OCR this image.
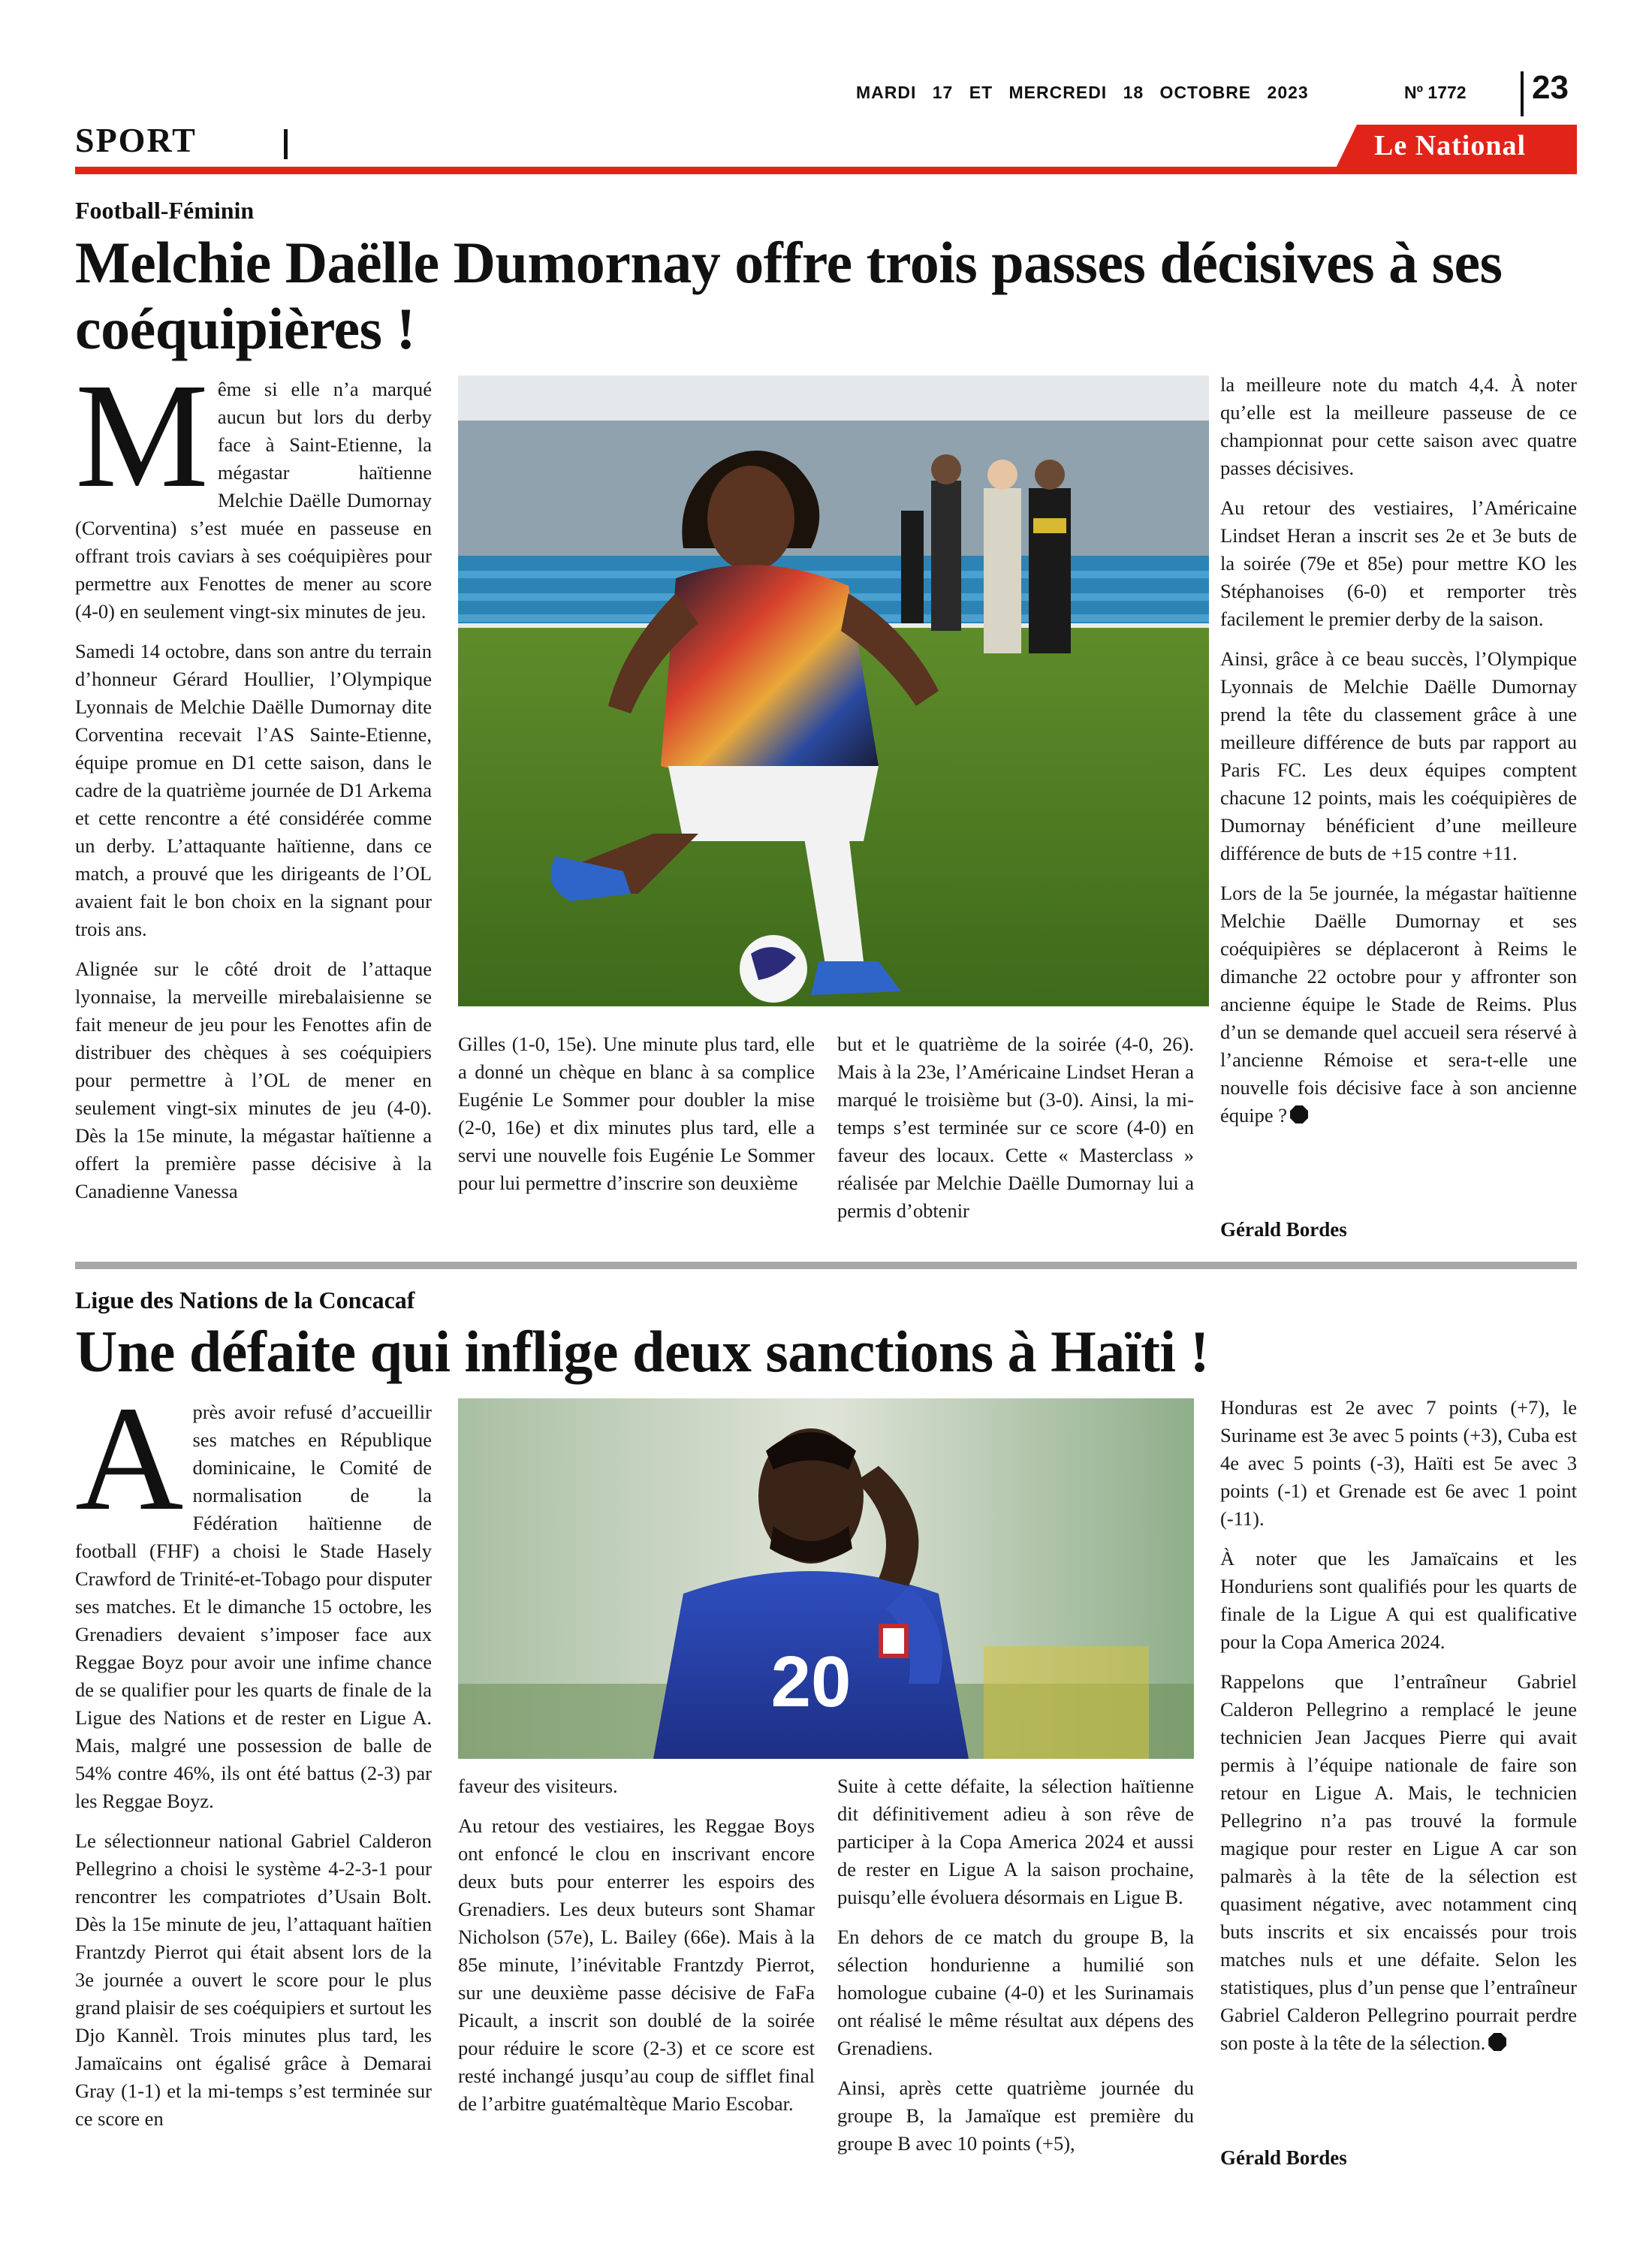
MARDI 17 ET MERCREDI 18 OCTOBRE 2023	Nº 1772 23
SPORT	Le National
Football-Féminin
Melchie Daëlle Dumornay offre trois passes décisives à ses coéquipières !

Même si elle n’a marqué aucun but lors du derby face à Saint-Etienne, la mégastar haïtienne Melchie Daëlle Dumornay (Corventina) s’est muée en passeuse en offrant trois caviars à ses coéquipières pour permettre aux Fenottes de mener au score (4-0) en seulement vingt-six minutes de jeu.

Samedi 14 octobre, dans son antre du terrain d’honneur Gérard Houllier, l’Olympique Lyonnais de Melchie Daëlle Dumornay dite Corventina recevait l’AS Sainte-Etienne, équipe promue en D1 cette saison, dans le cadre de la quatrième journée de D1 Arkema et cette rencontre a été considérée comme un derby. L’attaquante haïtienne, dans ce match, a prouvé que les dirigeants de l’OL avaient fait le bon choix en la signant pour trois ans.

Alignée sur le côté droit de l’attaque lyonnaise, la merveille mirebalaisienne se fait meneur de jeu pour les Fenottes afin de distribuer des chèques à ses coéquipiers pour permettre à l’OL de mener en seulement vingt-six minutes de jeu (4-0). Dès la 15e minute, la mégastar haïtienne a offert la première passe décisive à la Canadienne Vanessa

Gilles (1-0, 15e). Une minute plus tard, elle a donné un chèque en blanc à sa complice Eugénie Le Sommer pour doubler la mise (2-0, 16e) et dix minutes plus tard, elle a servi une nouvelle fois Eugénie Le Sommer pour lui permettre d’inscrire son deuxième

but et le quatrième de la soirée (4-0, 26). Mais à la 23e, l’Américaine Lindset Heran a marqué le troisième but (3-0). Ainsi, la mi-temps s’est terminée sur ce score (4-0) en faveur des locaux. Cette « Masterclass » réalisée par Melchie Daëlle Dumornay lui a permis d’obtenir

la meilleure note du match 4,4. À noter qu’elle est la meilleure passeuse de ce championnat pour cette saison avec quatre passes décisives.

Au retour des vestiaires, l’Américaine Lindset Heran a inscrit ses 2e et 3e buts de la soirée (79e et 85e) pour mettre KO les Stéphanoises (6-0) et remporter très facilement le premier derby de la saison.

Ainsi, grâce à ce beau succès, l’Olympique Lyonnais de Melchie Daëlle Dumornay prend la tête du classement grâce à une meilleure différence de buts par rapport au Paris FC. Les deux équipes comptent chacune 12 points, mais les coéquipières de Dumornay bénéficient d’une meilleure différence de buts de +15 contre +11.

Lors de la 5e journée, la mégastar haïtienne Melchie Daëlle Dumornay et ses coéquipières se déplaceront à Reims le dimanche 22 octobre pour y affronter son ancienne équipe le Stade de Reims. Plus d’un se demande quel accueil sera réservé à l’ancienne Rémoise et sera-t-elle une nouvelle fois décisive face à son ancienne équipe ?

Gérald Bordes
Ligue des Nations de la Concacaf
Une défaite qui inflige deux sanctions à Haïti !
20

Après avoir refusé d’accueillir ses matches en République dominicaine, le Comité de normalisation de la Fédération haïtienne de football (FHF) a choisi le Stade Hasely Crawford de Trinité-et-Tobago pour disputer ses matches. Et le dimanche 15 octobre, les Grenadiers devaient s’imposer face aux Reggae Boyz pour avoir une infime chance de se qualifier pour les quarts de finale de la Ligue des Nations et de rester en Ligue A. Mais, malgré une possession de balle de 54% contre 46%, ils ont été battus (2-3) par les Reggae Boyz.

Le sélectionneur national Gabriel Calderon Pellegrino a choisi le système 4-2-3-1 pour rencontrer les compatriotes d’Usain Bolt. Dès la 15e minute de jeu, l’attaquant haïtien Frantzdy Pierrot qui était absent lors de la 3e journée a ouvert le score pour le plus grand plaisir de ses coéquipiers et surtout les Djo Kannèl. Trois minutes plus tard, les Jamaïcains ont égalisé grâce à Demarai Gray (1-1) et la mi-temps s’est terminée sur ce score en

faveur des visiteurs.

Au retour des vestiaires, les Reggae Boys ont enfoncé le clou en inscrivant encore deux buts pour enterrer les espoirs des Grenadiers. Les deux buteurs sont Shamar Nicholson (57e), L. Bailey (66e). Mais à la 85e minute, l’inévitable Frantzdy Pierrot, sur une deuxième passe décisive de FaFa Picault, a inscrit son doublé de la soirée pour réduire le score (2-3) et ce score est resté inchangé jusqu’au coup de sifflet final de l’arbitre guatémaltèque Mario Escobar.

Suite à cette défaite, la sélection haïtienne dit définitivement adieu à son rêve de participer à la Copa America 2024 et aussi de rester en Ligue A la saison prochaine, puisqu’elle évoluera désormais en Ligue B.

En dehors de ce match du groupe B, la sélection hondurienne a humilié son homologue cubaine (4-0) et les Surinamais ont réalisé le même résultat aux dépens des Grenadiens.

Ainsi, après cette quatrième journée du groupe B, la Jamaïque est première du groupe B avec 10 points (+5),

Honduras est 2e avec 7 points (+7), le Suriname est 3e avec 5 points (+3), Cuba est 4e avec 5 points (-3), Haïti est 5e avec 3 points (-1) et Grenade est 6e avec 1 point (-11).

À noter que les Jamaïcains et les Honduriens sont qualifiés pour les quarts de finale de la Ligue A qui est qualificative pour la Copa America 2024.

Rappelons que l’entraîneur Gabriel Calderon Pellegrino a remplacé le jeune technicien Jean Jacques Pierre qui avait permis à l’équipe nationale de faire son retour en Ligue A. Mais, le technicien Pellegrino n’a pas trouvé la formule magique pour rester en Ligue A car son palmarès à la tête de la sélection est quasiment négative, avec notamment cinq buts inscrits et six encaissés pour trois matches nuls et une défaite. Selon les statistiques, plus d’un pense que l’entraîneur Gabriel Calderon Pellegrino pourrait perdre son poste à la tête de la sélection.

Gérald Bordes
